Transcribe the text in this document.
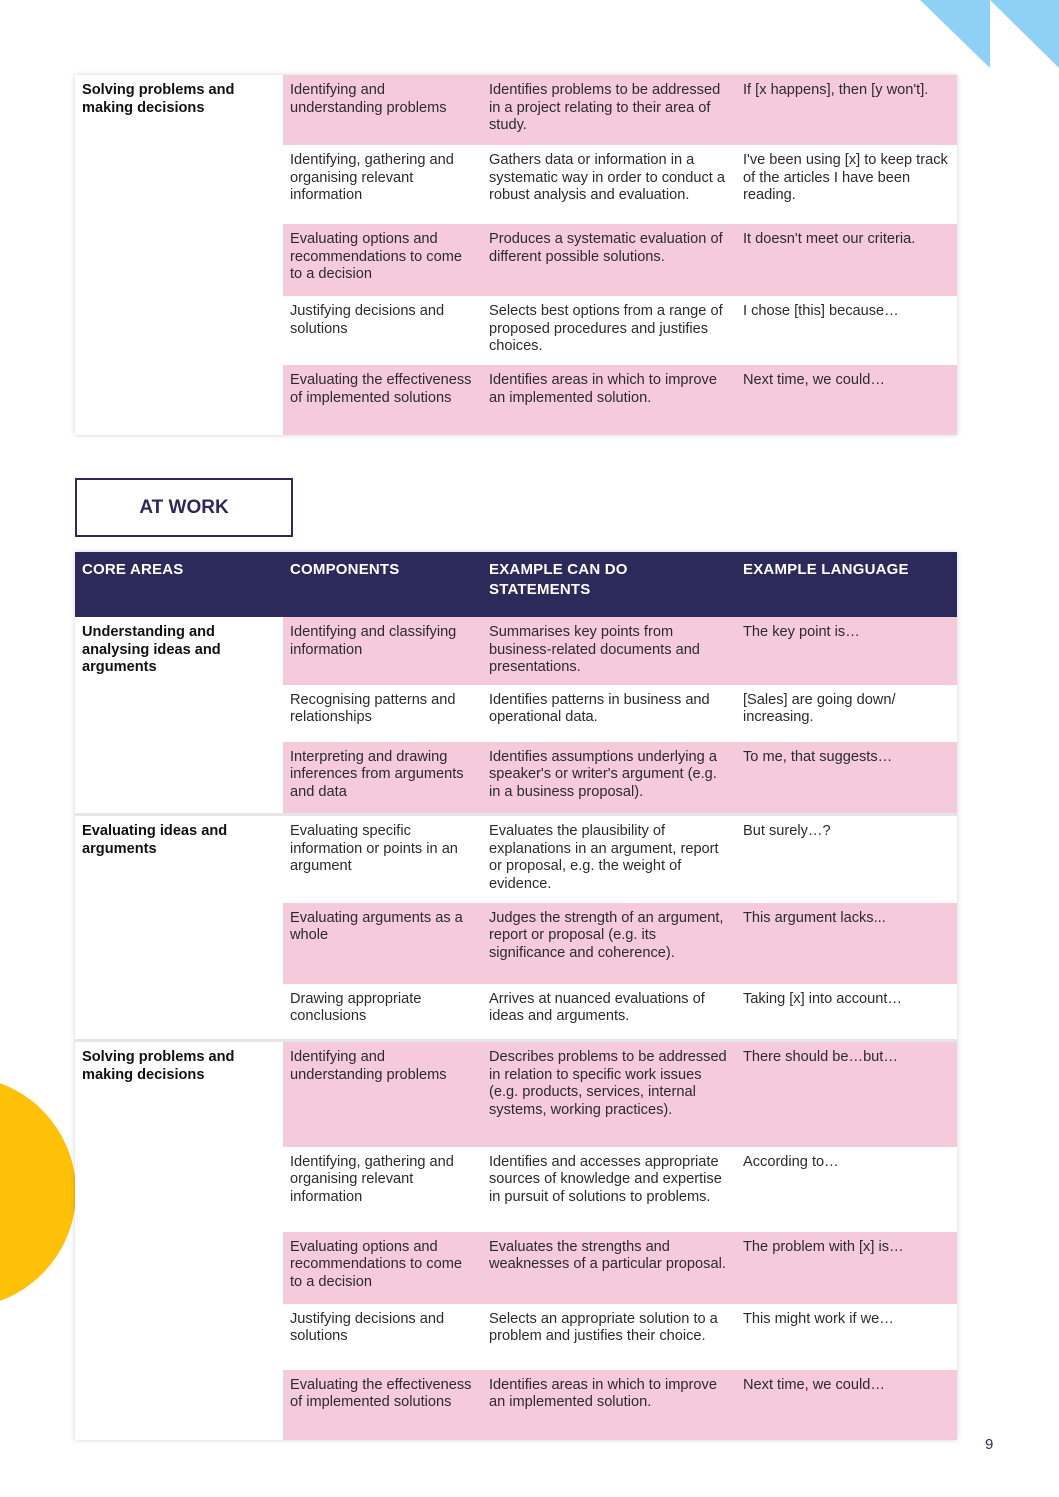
Solving problems and making decisions	Identifying and understanding problems	Identifies problems to be addressed in a project relating to their area of study.	If [x happens], then [y won't].
	Identifying, gathering and organising relevant information	Gathers data or information in a systematic way in order to conduct a robust analysis and evaluation.	I've been using [x] to keep track of the articles I have been reading.
	Evaluating options and recommendations to come to a decision	Produces a systematic evaluation of different possible solutions.	It doesn't meet our criteria.
	Justifying decisions and solutions	Selects best options from a range of proposed procedures and justifies choices.	I chose [this] because…
	Evaluating the effectiveness of implemented solutions	Identifies areas in which to improve an implemented solution.	Next time, we could…
AT WORK
CORE AREAS	COMPONENTS	EXAMPLE CAN DO STATEMENTS	EXAMPLE LANGUAGE
Understanding and analysing ideas and arguments	Identifying and classifying information	Summarises key points from business-related documents and presentations.	The key point is…
	Recognising patterns and relationships	Identifies patterns in business and operational data.	[Sales] are going down/ increasing.
	Interpreting and drawing inferences from arguments and data	Identifies assumptions underlying a speaker's or writer's argument (e.g. in a business proposal).	To me, that suggests…
Evaluating ideas and arguments	Evaluating specific information or points in an argument	Evaluates the plausibility of explanations in an argument, report or proposal, e.g. the weight of evidence.	But surely…?
	Evaluating arguments as a whole	Judges the strength of an argument, report or proposal (e.g. its significance and coherence).	This argument lacks...
	Drawing appropriate conclusions	Arrives at nuanced evaluations of ideas and arguments.	Taking [x] into account…
Solving problems and making decisions	Identifying and understanding problems	Describes problems to be addressed in relation to specific work issues (e.g. products, services, internal systems, working practices).	There should be…but…
	Identifying, gathering and organising relevant information	Identifies and accesses appropriate sources of knowledge and expertise in pursuit of solutions to problems.	According to…
	Evaluating options and recommendations to come to a decision	Evaluates the strengths and weaknesses of a particular proposal.	The problem with [x] is…
	Justifying decisions and solutions	Selects an appropriate solution to a problem and justifies their choice.	This might work if we…
	Evaluating the effectiveness of implemented solutions	Identifies areas in which to improve an implemented solution.	Next time, we could…
9
